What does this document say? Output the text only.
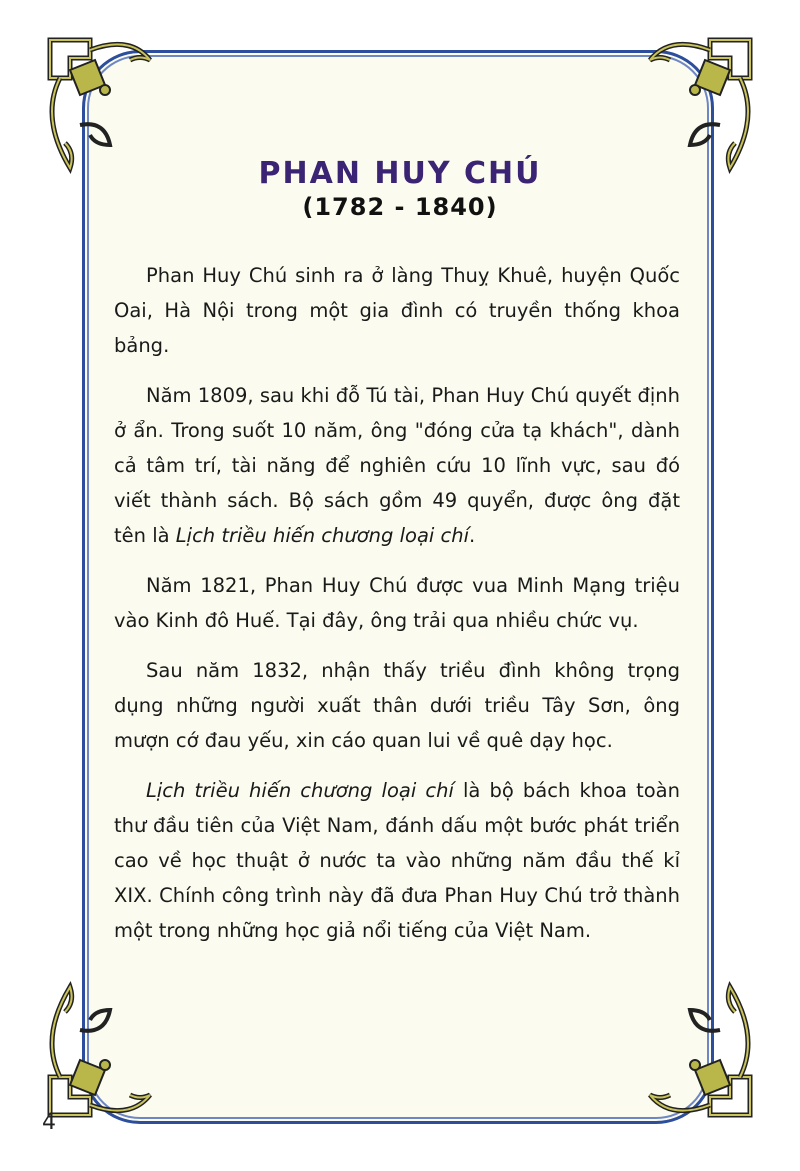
PHAN HUY CHÚ
(1782 - 1840)

Phan Huy Chú sinh ra ở làng Thuỵ Khuê, huyện Quốc Oai, Hà Nội trong một gia đình có truyền thống khoa bảng.

Năm 1809, sau khi đỗ Tú tài, Phan Huy Chú quyết định ở ẩn. Trong suốt 10 năm, ông "đóng cửa tạ khách", dành cả tâm trí, tài năng để nghiên cứu 10 lĩnh vực, sau đó viết thành sách. Bộ sách gồm 49 quyển, được ông đặt tên là Lịch triều hiến chương loại chí.

Năm 1821, Phan Huy Chú được vua Minh Mạng triệu vào Kinh đô Huế. Tại đây, ông trải qua nhiều chức vụ.

Sau năm 1832, nhận thấy triều đình không trọng dụng những người xuất thân dưới triều Tây Sơn, ông mượn cớ đau yếu, xin cáo quan lui về quê dạy học.

Lịch triều hiến chương loại chí là bộ bách khoa toàn thư đầu tiên của Việt Nam, đánh dấu một bước phát triển cao về học thuật ở nước ta vào những năm đầu thế kỉ XIX. Chính công trình này đã đưa Phan Huy Chú trở thành một trong những học giả nổi tiếng của Việt Nam.

4
